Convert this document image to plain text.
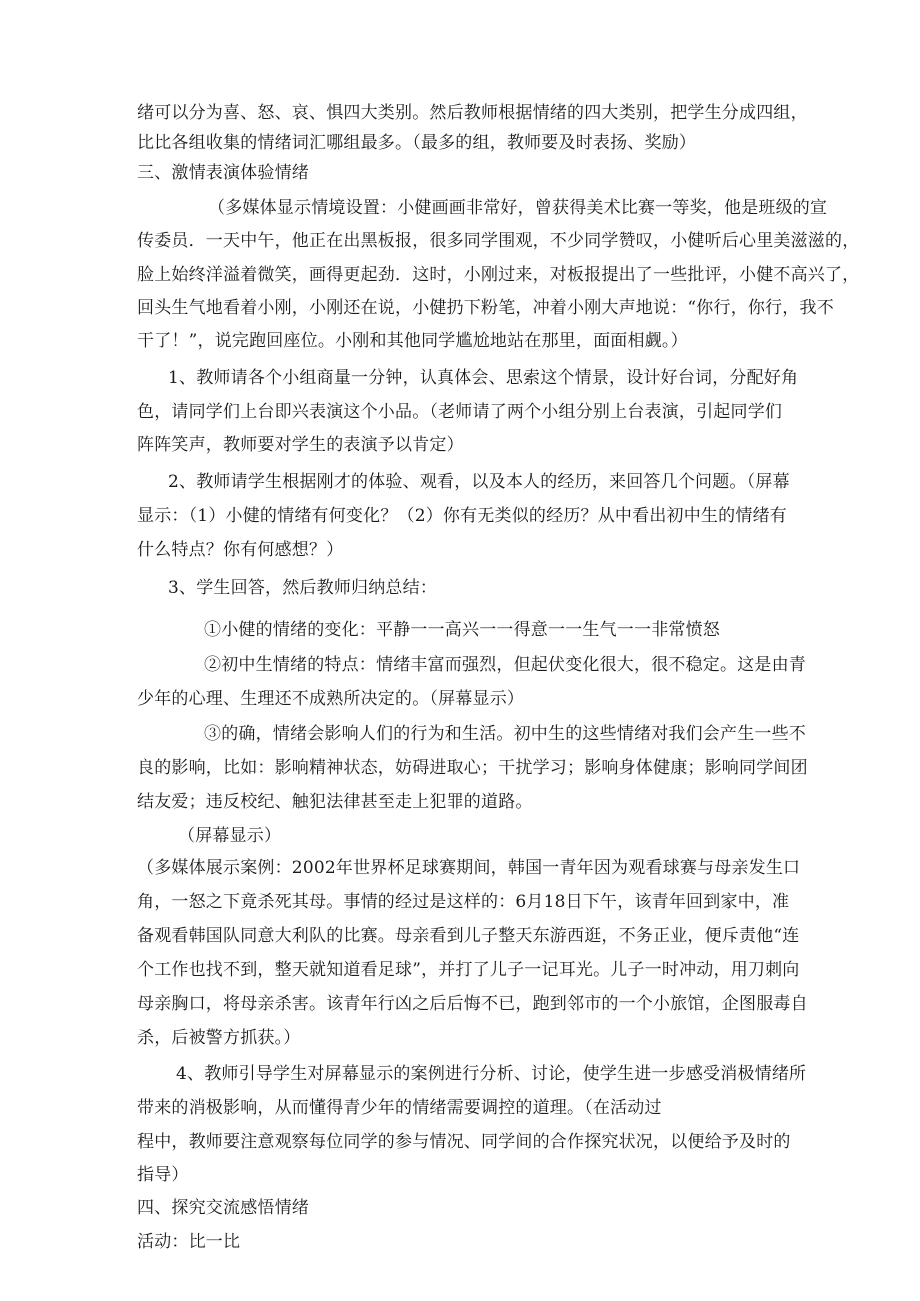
绪可以分为喜、怒、哀、惧四大类别。然后教师根据情绪的四大类别，把学生分成四组，
比比各组收集的情绪词汇哪组最多。（最多的组，教师要及时表扬、奖励）
三、激情表演体验情绪
（多媒体显示情境设置：小健画画非常好，曾获得美术比赛一等奖，他是班级的宣
传委员．一天中午，他正在出黑板报，很多同学围观，不少同学赞叹，小健听后心里美滋滋的，
脸上始终洋溢着微笑，画得更起劲．这时，小刚过来，对板报提出了一些批评，小健不高兴了，
回头生气地看着小刚，小刚还在说，小健扔下粉笔，冲着小刚大声地说：“你行，你行，我不
干了！”，说完跑回座位。小刚和其他同学尴尬地站在那里，面面相觑。）
1、教师请各个小组商量一分钟，认真体会、思索这个情景，设计好台词，分配好角
色，请同学们上台即兴表演这个小品。（老师请了两个小组分别上台表演，引起同学们
阵阵笑声，教师要对学生的表演予以肯定）
2、教师请学生根据刚才的体验、观看，以及本人的经历，来回答几个问题。（屏幕
显示：（1）小健的情绪有何变化？（2）你有无类似的经历？从中看出初中生的情绪有
什么特点？你有何感想？）
3、学生回答，然后教师归纳总结：
①小健的情绪的变化：平静一一高兴一一得意一一生气一一非常愤怒
②初中生情绪的特点：情绪丰富而强烈，但起伏变化很大，很不稳定。这是由青
少年的心理、生理还不成熟所决定的。（屏幕显示）
③的确，情绪会影响人们的行为和生活。初中生的这些情绪对我们会产生一些不
良的影响，比如：影响精神状态，妨碍进取心；干扰学习；影响身体健康；影响同学间团
结友爱；违反校纪、触犯法律甚至走上犯罪的道路。
（屏幕显示）
（多媒体展示案例：2002年世界杯足球赛期间，韩国一青年因为观看球赛与母亲发生口
角，一怒之下竟杀死其母。事情的经过是这样的：6月18日下午，该青年回到家中，准
备观看韩国队同意大利队的比赛。母亲看到儿子整天东游西逛，不务正业，便斥责他“连
个工作也找不到，整天就知道看足球”，并打了儿子一记耳光。儿子一时冲动，用刀刺向
母亲胸口，将母亲杀害。该青年行凶之后后悔不已，跑到邻市的一个小旅馆，企图服毒自
杀，后被警方抓获。）
4、教师引导学生对屏幕显示的案例进行分析、讨论，使学生进一步感受消极情绪所
带来的消极影响，从而懂得青少年的情绪需要调控的道理。（在活动过
程中，教师要注意观察每位同学的参与情况、同学间的合作探究状况，以便给予及时的
指导）
四、探究交流感悟情绪
活动：比一比
